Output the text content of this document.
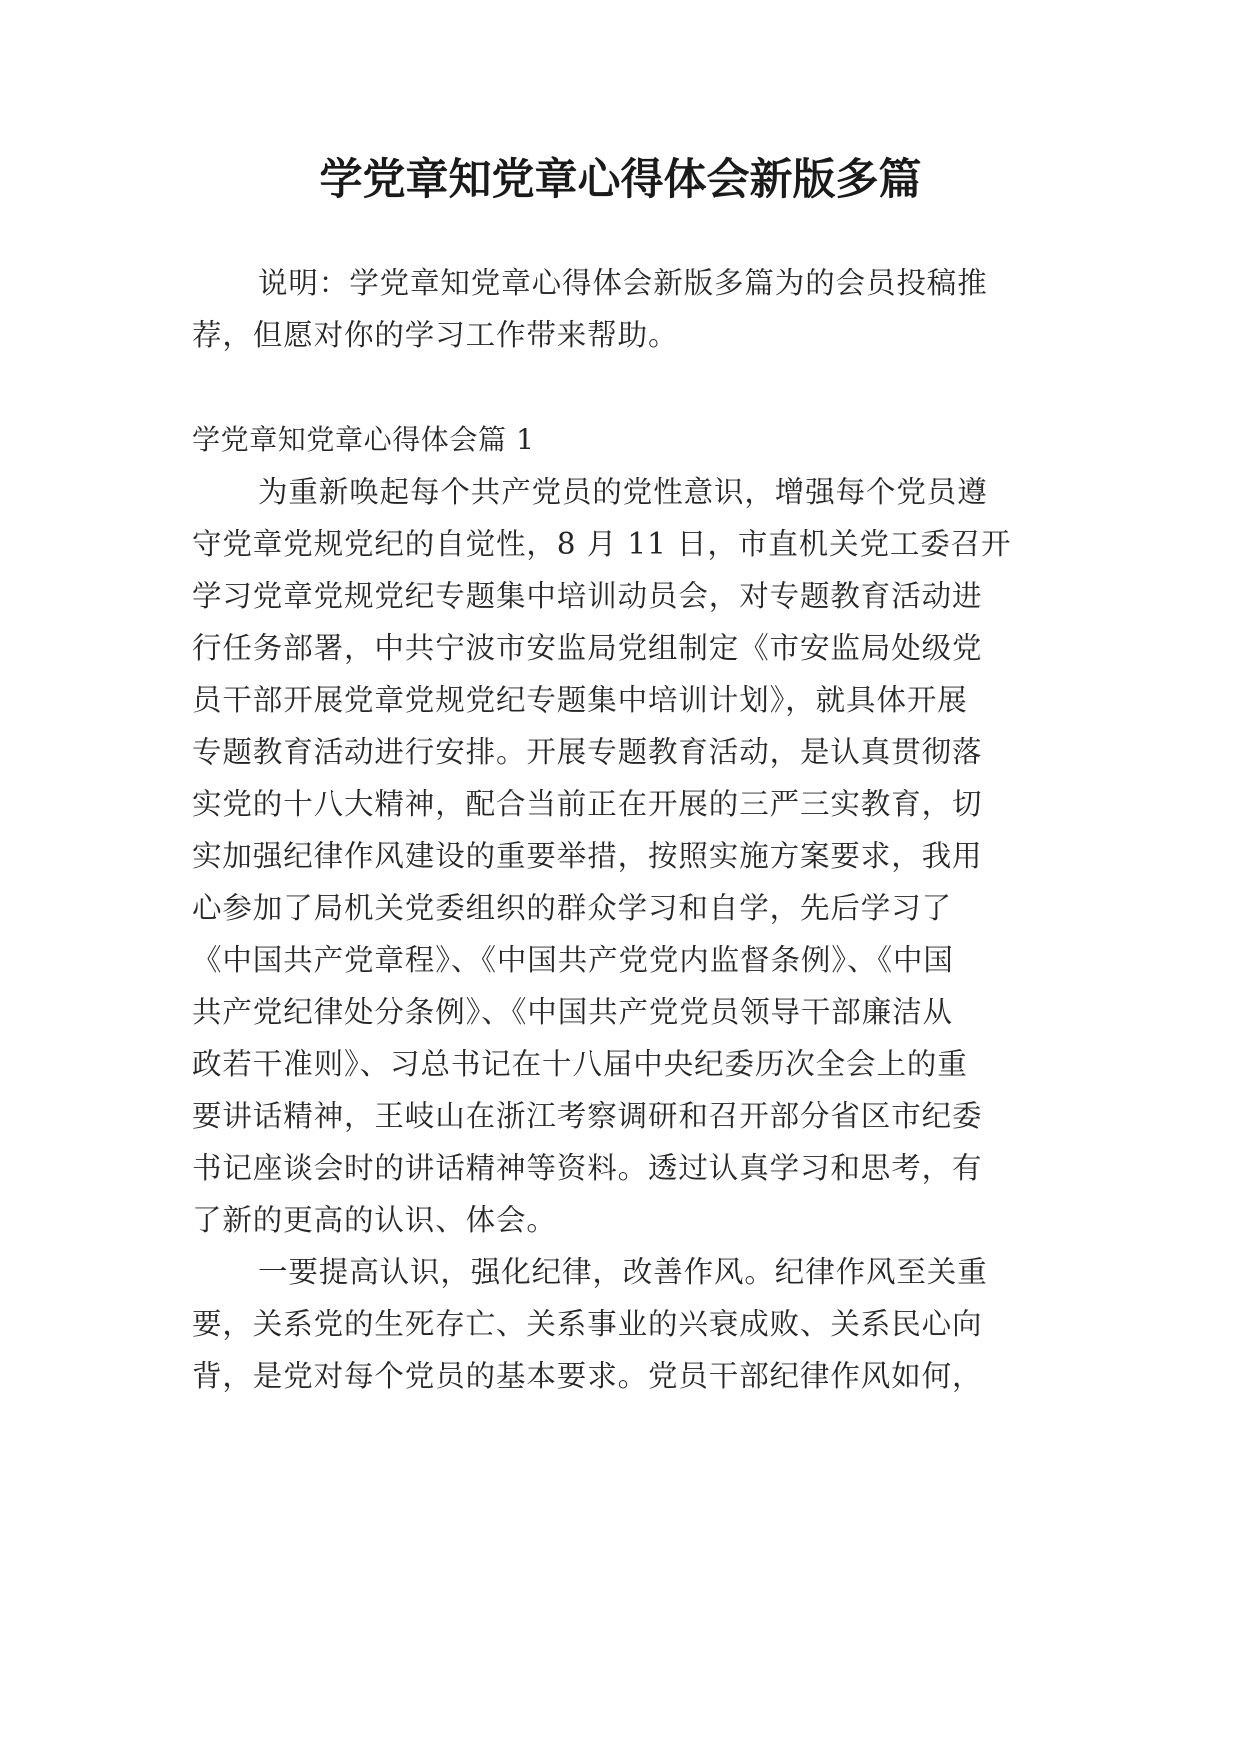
学党章知党章心得体会新版多篇

说明：学党章知党章心得体会新版多篇为的会员投稿推

荐，但愿对你的学习工作带来帮助。

学党章知党章心得体会篇 1

为重新唤起每个共产党员的党性意识，增强每个党员遵

守党章党规党纪的自觉性，8 月 11 日，市直机关党工委召开

学习党章党规党纪专题集中培训动员会，对专题教育活动进

行任务部署，中共宁波市安监局党组制定《市安监局处级党

员干部开展党章党规党纪专题集中培训计划》，就具体开展

专题教育活动进行安排。开展专题教育活动，是认真贯彻落

实党的十八大精神，配合当前正在开展的三严三实教育，切

实加强纪律作风建设的重要举措，按照实施方案要求，我用

心参加了局机关党委组织的群众学习和自学，先后学习了

《中国共产党章程》、《中国共产党党内监督条例》、《中国

共产党纪律处分条例》、《中国共产党党员领导干部廉洁从

政若干准则》、习总书记在十八届中央纪委历次全会上的重

要讲话精神，王岐山在浙江考察调研和召开部分省区市纪委

书记座谈会时的讲话精神等资料。透过认真学习和思考，有

了新的更高的认识、体会。

一要提高认识，强化纪律，改善作风。纪律作风至关重

要，关系党的生死存亡、关系事业的兴衰成败、关系民心向

背，是党对每个党员的基本要求。党员干部纪律作风如何，
